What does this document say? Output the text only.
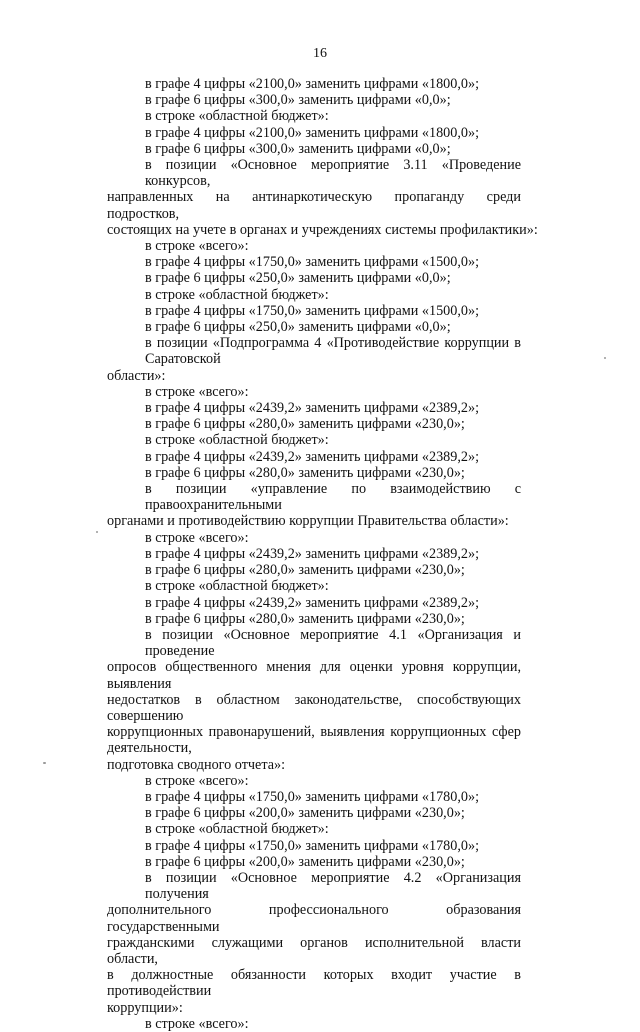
16
в графе 4 цифры «2100,0» заменить цифрами «1800,0»;
в графе 6 цифры «300,0» заменить цифрами «0,0»;
в строке «областной бюджет»:
в графе 4 цифры «2100,0» заменить цифрами «1800,0»;
в графе 6 цифры «300,0» заменить цифрами «0,0»;
в позиции «Основное мероприятие 3.11 «Проведение конкурсов,
направленных на антинаркотическую пропаганду среди подростков,
состоящих на учете в органах и учреждениях системы профилактики»:
в строке «всего»:
в графе 4 цифры «1750,0» заменить цифрами «1500,0»;
в графе 6 цифры «250,0» заменить цифрами «0,0»;
в строке «областной бюджет»:
в графе 4 цифры «1750,0» заменить цифрами «1500,0»;
в графе 6 цифры «250,0» заменить цифрами «0,0»;
в позиции «Подпрограмма 4 «Противодействие коррупции в Саратовской
области»:
в строке «всего»:
в графе 4 цифры «2439,2» заменить цифрами «2389,2»;
в графе 6 цифры «280,0» заменить цифрами «230,0»;
в строке «областной бюджет»:
в графе 4 цифры «2439,2» заменить цифрами «2389,2»;
в графе 6 цифры «280,0» заменить цифрами «230,0»;
в позиции «управление по взаимодействию с правоохранительными
органами и противодействию коррупции Правительства области»:
в строке «всего»:
в графе 4 цифры «2439,2» заменить цифрами «2389,2»;
в графе 6 цифры «280,0» заменить цифрами «230,0»;
в строке «областной бюджет»:
в графе 4 цифры «2439,2» заменить цифрами «2389,2»;
в графе 6 цифры «280,0» заменить цифрами «230,0»;
в позиции «Основное мероприятие 4.1 «Организация и проведение
опросов общественного мнения для оценки уровня коррупции, выявления
недостатков в областном законодательстве, способствующих совершению
коррупционных правонарушений, выявления коррупционных сфер деятельности,
подготовка сводного отчета»:
в строке «всего»:
в графе 4 цифры «1750,0» заменить цифрами «1780,0»;
в графе 6 цифры «200,0» заменить цифрами «230,0»;
в строке «областной бюджет»:
в графе 4 цифры «1750,0» заменить цифрами «1780,0»;
в графе 6 цифры «200,0» заменить цифрами «230,0»;
в позиции «Основное мероприятие 4.2 «Организация получения
дополнительного профессионального образования государственными
гражданскими служащими органов исполнительной власти области,
в должностные обязанности которых входит участие в противодействии
коррупции»:
в строке «всего»:
